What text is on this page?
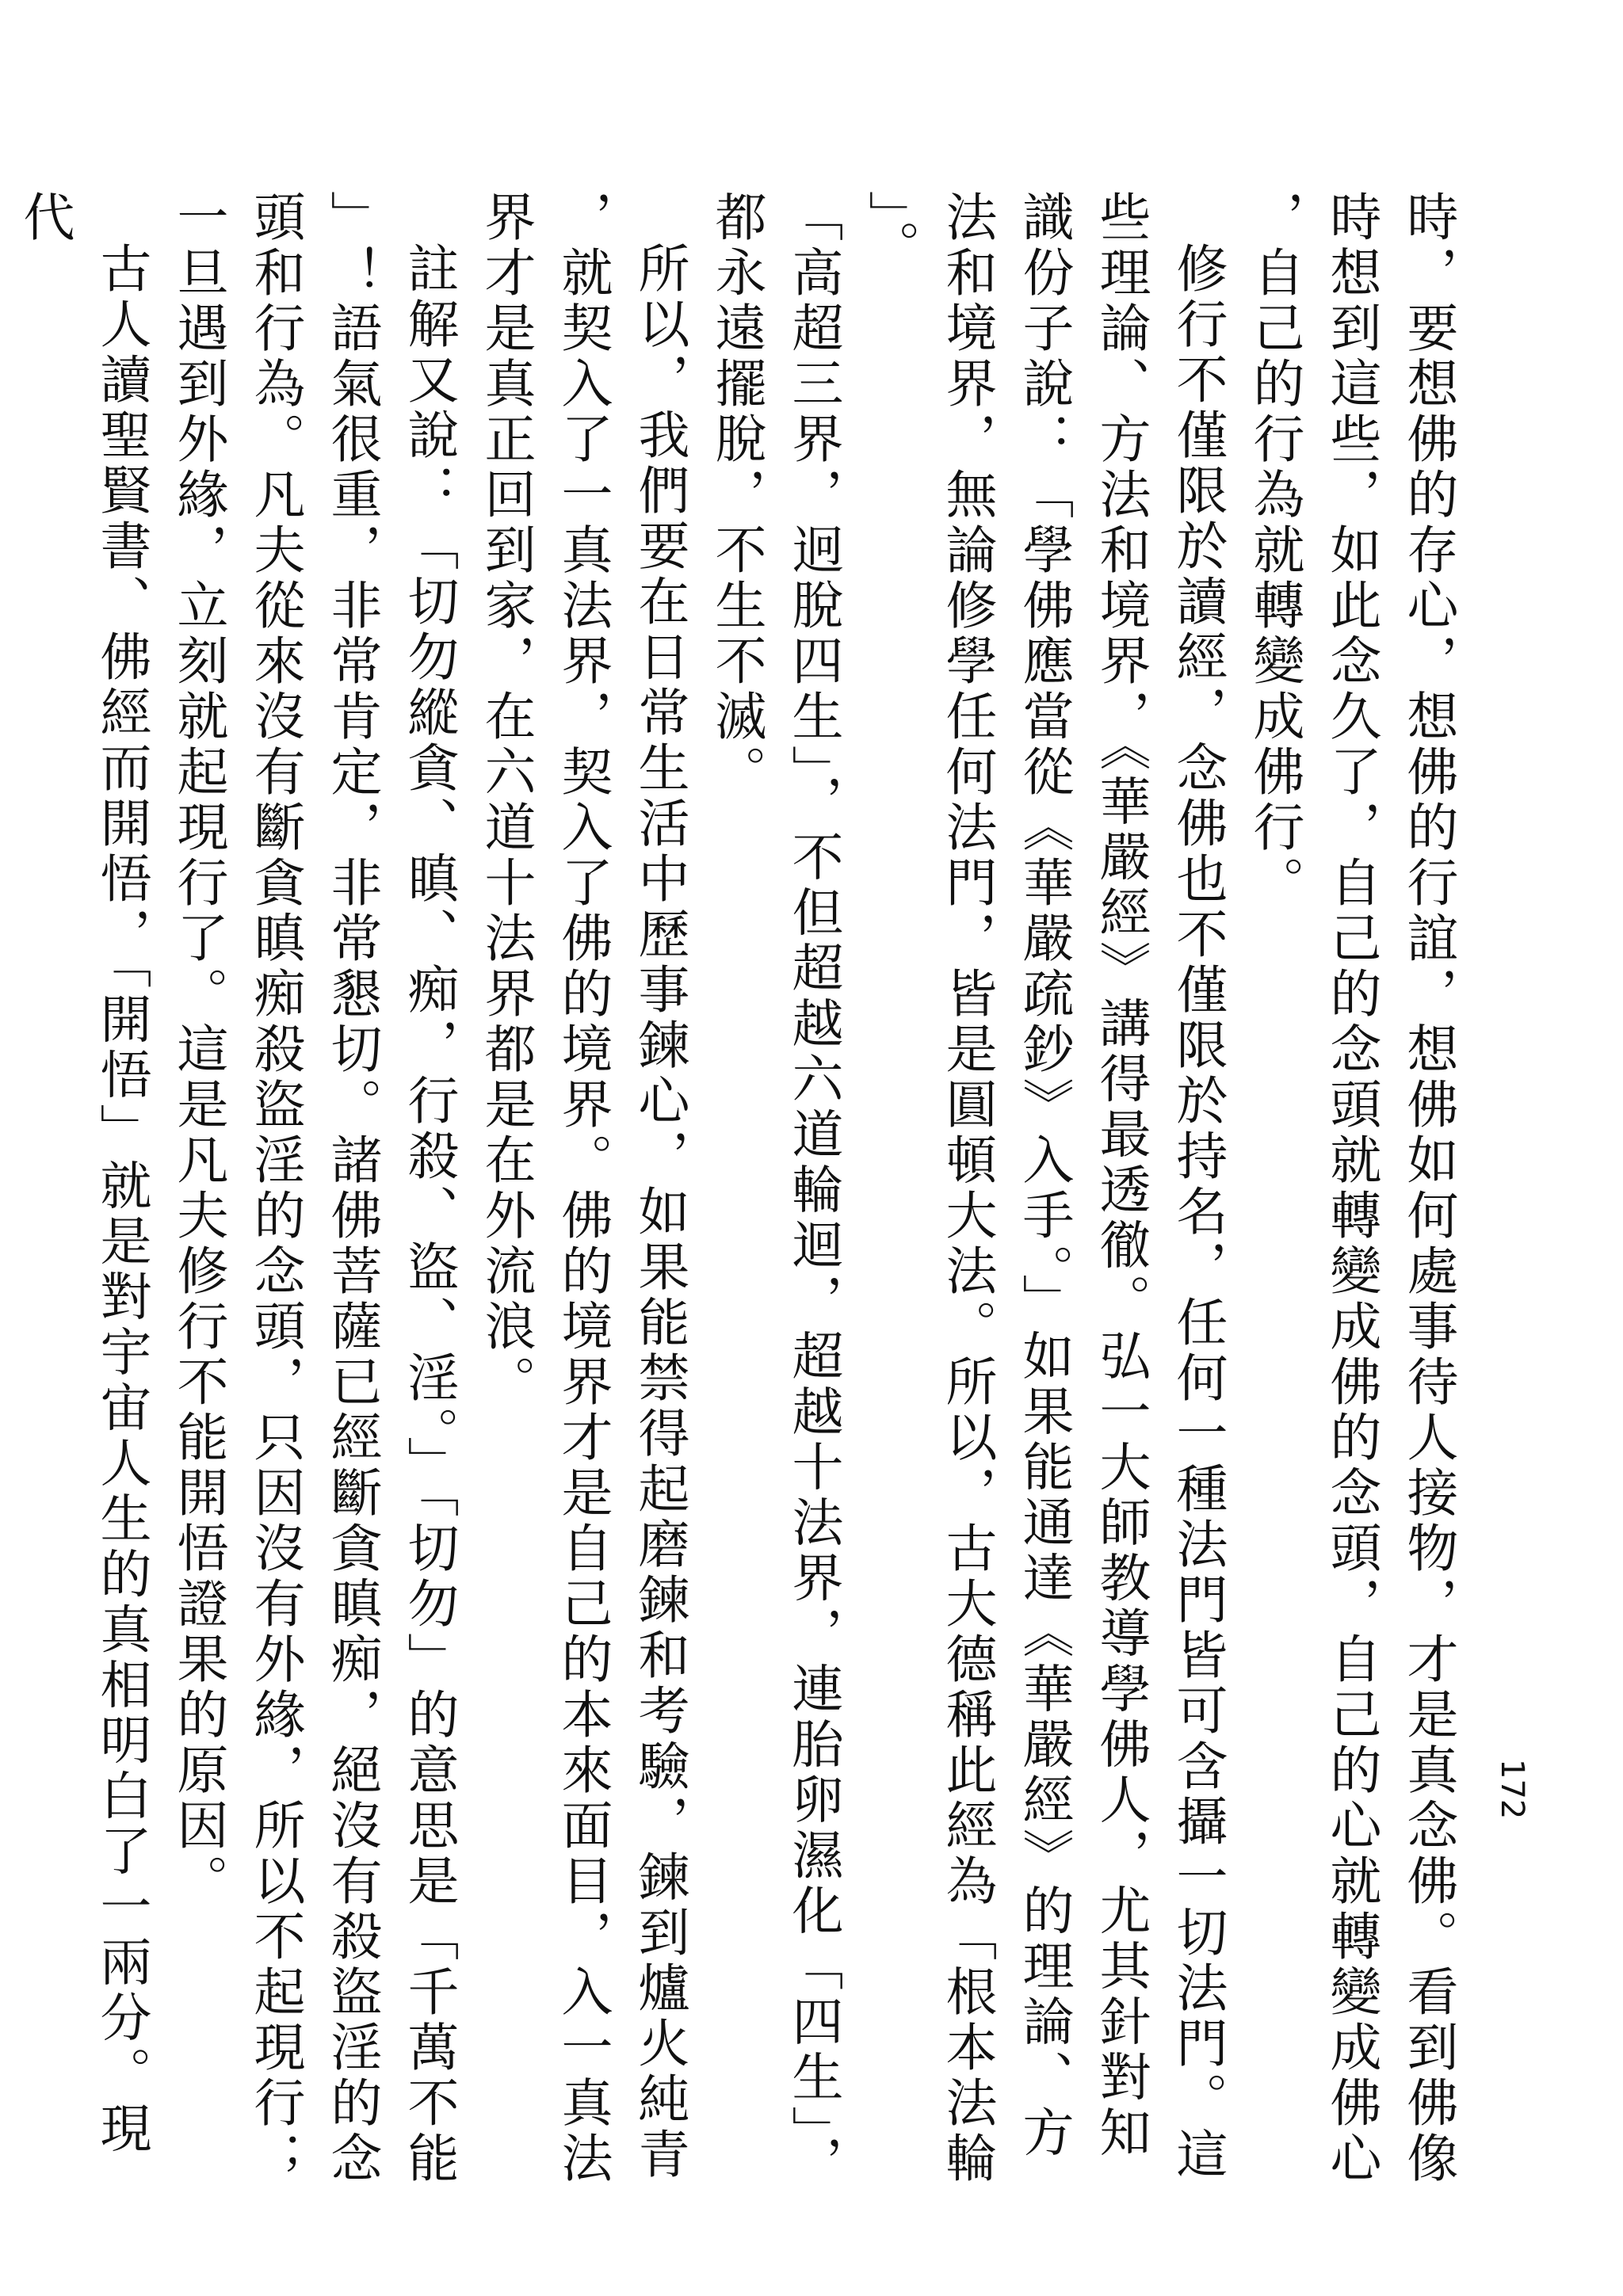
172

時，要想佛的存心，想佛的行誼，想佛如何處事待人接物，才是真念佛。看到佛像時想到這些，如此念久了，自己的念頭就轉變成佛的念頭，自己的心就轉變成佛心，自己的行為就轉變成佛行。

修行不僅限於讀經，念佛也不僅限於持名，任何一種法門皆可含攝一切法門。這些理論、方法和境界，《華嚴經》講得最透徹。弘一大師教導學佛人，尤其針對知識份子說：「學佛應當從《華嚴疏鈔》入手。」如果能通達《華嚴經》的理論、方法和境界，無論修學任何法門，皆是圓頓大法。所以，古大德稱此經為「根本法輪」。

「高超三界，迥脫四生」，不但超越六道輪迴，超越十法界，連胎卵濕化「四生」，都永遠擺脫，不生不滅。

所以，我們要在日常生活中歷事鍊心，如果能禁得起磨鍊和考驗，鍊到爐火純青，就契入了一真法界，契入了佛的境界。佛的境界才是自己的本來面目，入一真法界才是真正回到家，在六道十法界都是在外流浪。

註解又說：「切勿縱貪、瞋、痴，行殺、盜、淫。」「切勿」的意思是「千萬不能」！語氣很重，非常肯定，非常懇切。諸佛菩薩已經斷貪瞋痴，絕沒有殺盜淫的念頭和行為。凡夫從來沒有斷貪瞋痴殺盜淫的念頭，只因沒有外緣，所以不起現行；一旦遇到外緣，立刻就起現行了。這是凡夫修行不能開悟證果的原因。

古人讀聖賢書、佛經而開悟，「開悟」就是對宇宙人生的真相明白了一兩分。現代
